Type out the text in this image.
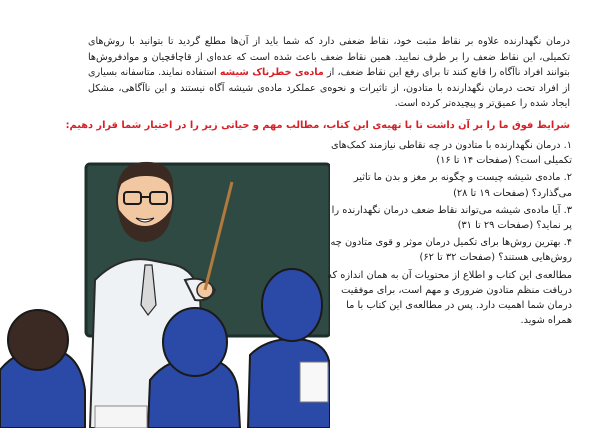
درمان نگهدارنده علاوه بر نقاط مثبت خود، نقاط ضعفی دارد که شما باید از آن‌ها مطلع گردید تا بتوانید با روش‌های تکمیلی، این نقاط ضعف را بر طرف نمایید. همین نقاط ضعف باعث شده است که عده‌ای از قاچاقچیان و موادفروش‌ها بتوانند افراد ناآگاه را قانع کنند تا برای رفع این نقاط ضعف، از ماده‌ی خطرناک شیشه استفاده نمایند. متاسفانه بسیاری از افراد تحت درمان نگهدارنده با متادون، از تاثیرات و نحوه‌ی عملکرد ماده‌ی شیشه آگاه نیستند و این ناآگاهی، مشکل ایجاد شده را عمیق‌تر و پیچیده‌تر کرده است.
شرایط فوق ما را بر آن داشت تا با تهیه‌ی این کتاب، مطالب مهم و حیاتی زیر را در اختیار شما قرار دهیم:
۱. درمان نگهدارنده با متادون در چه نقاطی نیازمند کمک‌های تکمیلی است؟ (صفحات ۱۴ تا ۱۶)
۲. ماده‌ی شیشه چیست و چگونه بر مغز و بدن ما تاثیر می‌گذارد؟ (صفحات ۱۹ تا ۲۸)
۳. آیا ماده‌ی شیشه می‌تواند نقاط ضعف درمان نگهدارنده را پر نماید؟ (صفحات ۲۹ تا ۳۱)
۴. بهترین روش‌ها برای تکمیل درمان موثر و قوی متادون چه روش‌هایی هستند؟ (صفحات ۳۲ تا ۶۲)
مطالعه‌ی این کتاب و اطلاع از محتویات آن به همان اندازه که دریافت منظم متادون ضروری و مهم است، برای موفقیت درمان شما اهمیت دارد. پس در مطالعه‌ی این کتاب با ما همراه شوید.
